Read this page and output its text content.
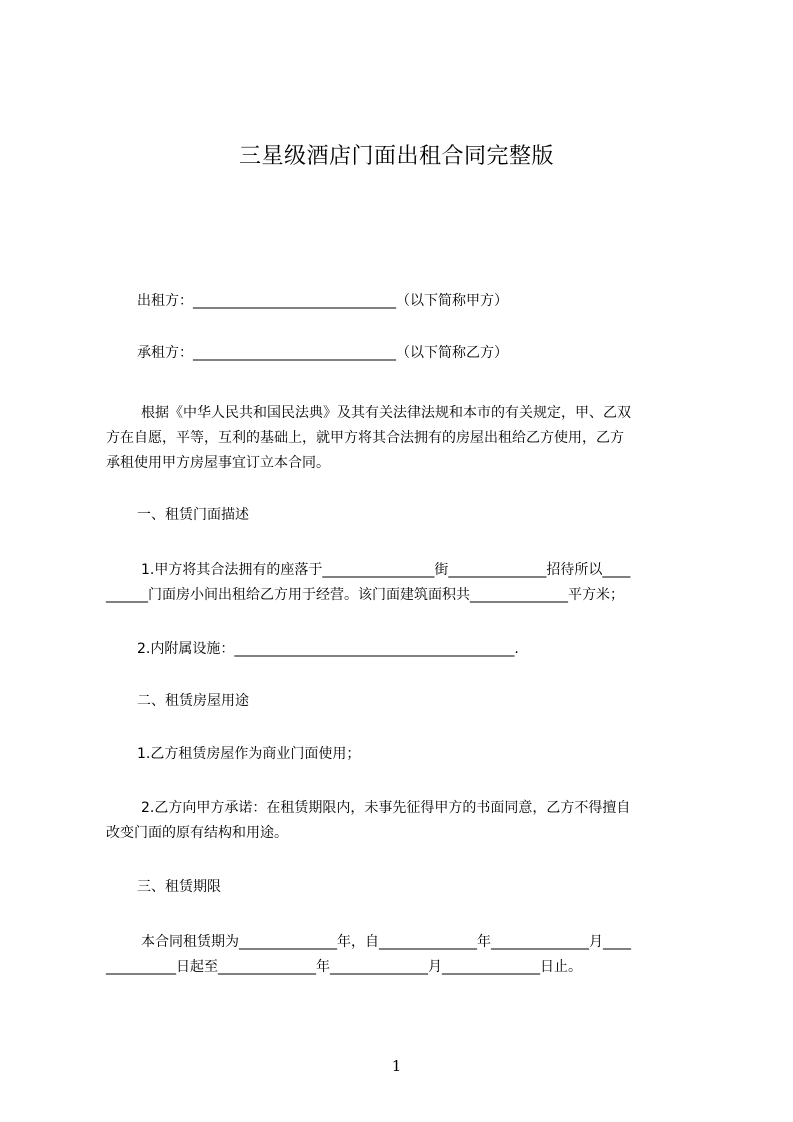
三星级酒店门面出租合同完整版

出租方：_____________________________（以下简称甲方）

承租方：_____________________________（以下简称乙方）

根据《中华人民共和国民法典》及其有关法律法规和本市的有关规定，甲、乙双

方在自愿，平等，互利的基础上，就甲方将其合法拥有的房屋出租给乙方使用，乙方

承租使用甲方房屋事宜订立本合同。

一、租赁门面描述

1.甲方将其合法拥有的座落于________________街______________招待所以____

______门面房小间出租给乙方用于经营。该门面建筑面积共______________平方米；

2.内附属设施：________________________________________.

二、租赁房屋用途

1.乙方租赁房屋作为商业门面使用；

2.乙方向甲方承诺：在租赁期限内，未事先征得甲方的书面同意，乙方不得擅自

改变门面的原有结构和用途。

三、租赁期限

本合同租赁期为______________年，自______________年______________月____

__________日起至______________年______________月______________日止。

1
